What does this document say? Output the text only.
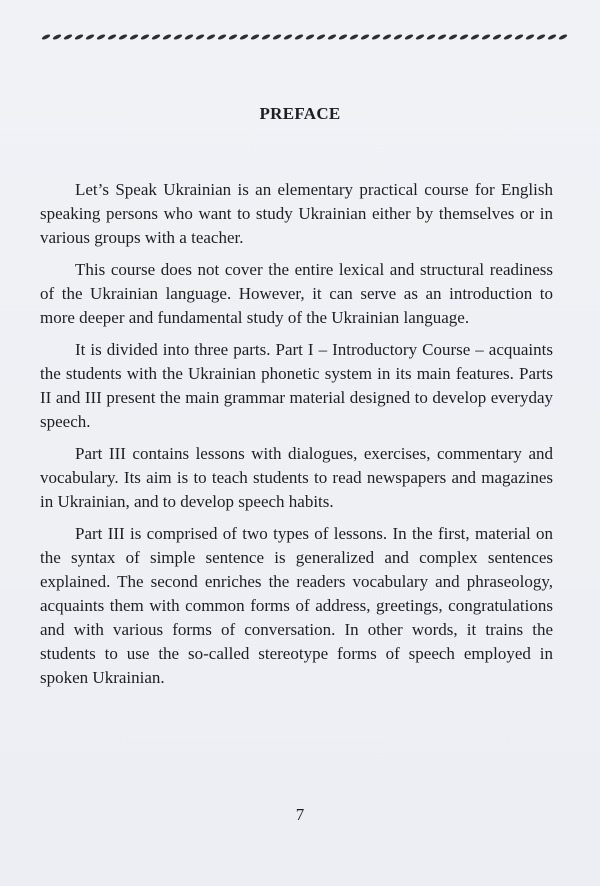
PREFACE

Let’s Speak Ukrainian is an elementary practical course for English speaking persons who want to study Ukrainian either by themselves or in various groups with a teacher.

This course does not cover the entire lexical and structural readiness of the Ukrainian language. However, it can serve as an introduction to more deeper and fundamental study of the Ukrainian language.

It is divided into three parts. Part I – Introductory Course – acquaints the students with the Ukrainian phonetic system in its main features. Parts II and III present the main grammar material designed to develop everyday speech.

Part III contains lessons with dialogues, exercises, commentary and vocabulary. Its aim is to teach students to read newspapers and magazines in Ukrainian, and to develop speech habits.

Part III is comprised of two types of lessons. In the first, material on the syntax of simple sentence is generalized and complex sentences explained. The second enriches the readers vocabulary and phraseology, acquaints them with common forms of address, greetings, congratulations and with various forms of conversation. In other words, it trains the students to use the so-called stereotype forms of speech employed in spoken Ukrainian.

7
